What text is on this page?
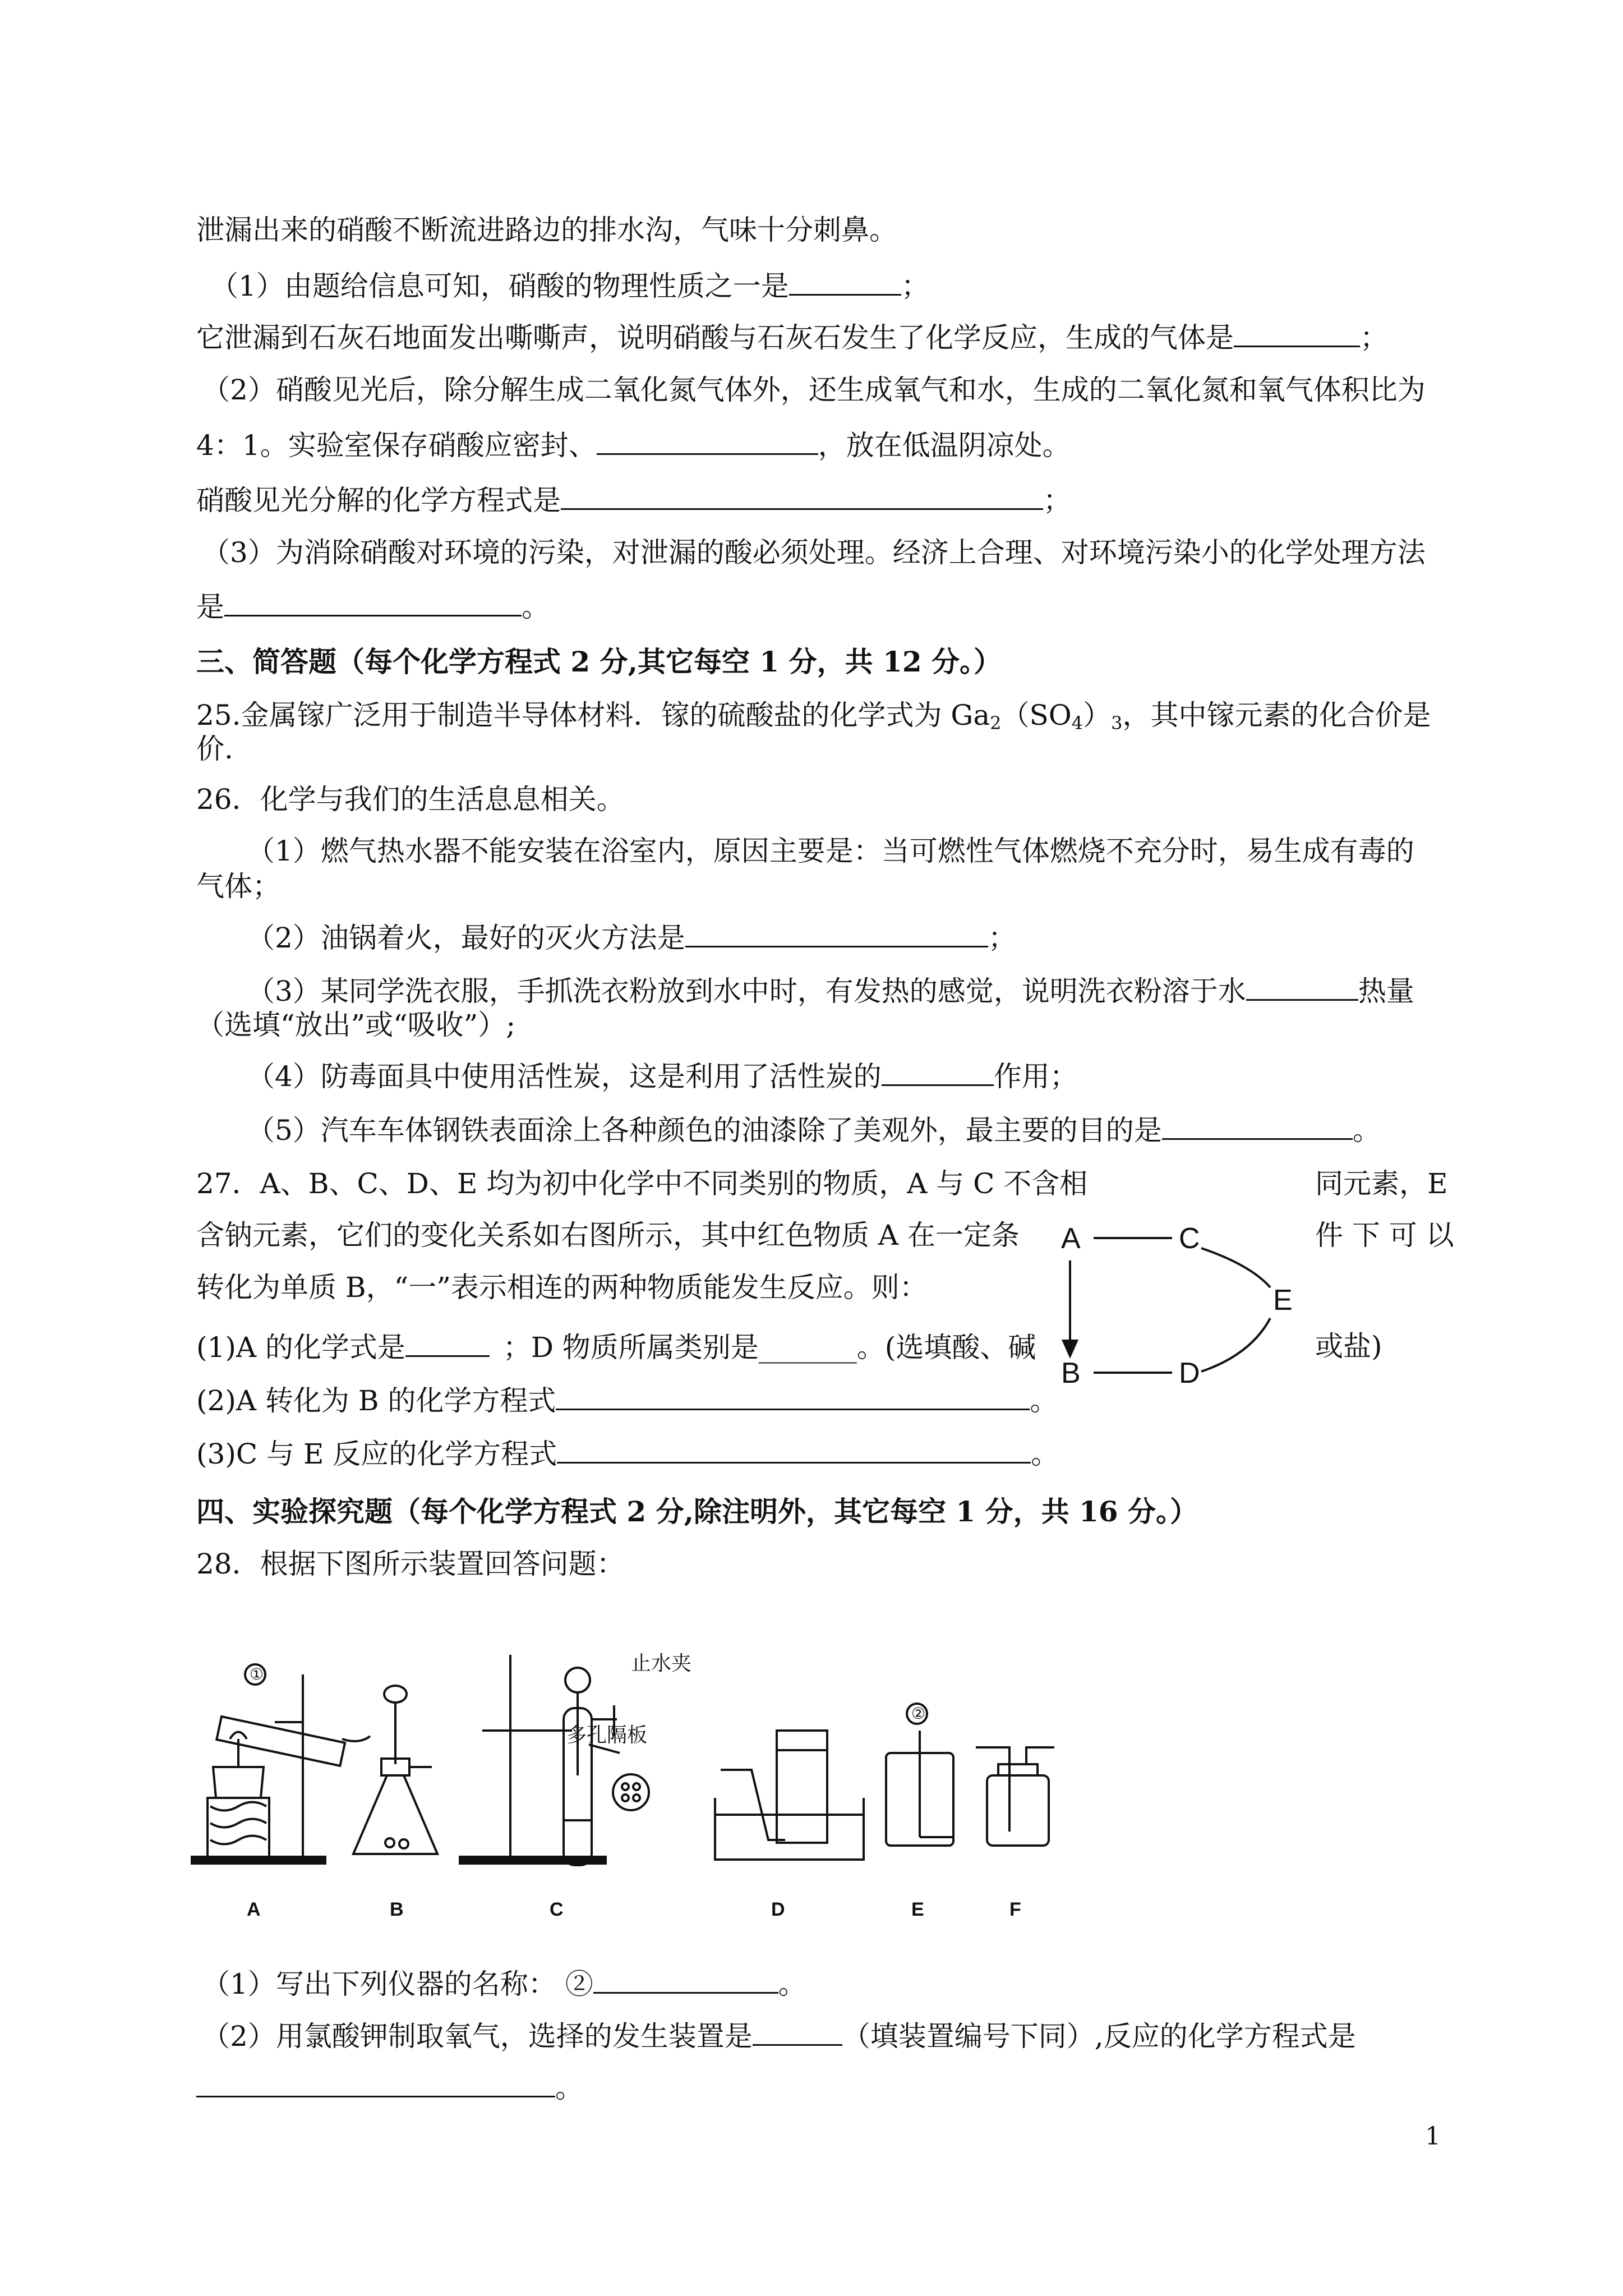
泄漏出来的硝酸不断流进路边的排水沟，气味十分刺鼻。
（1）由题给信息可知，硝酸的物理性质之一是	；
它泄漏到石灰石地面发出嘶嘶声，说明硝酸与石灰石发生了化学反应，生成的气体是	；
（2）硝酸见光后，除分解生成二氧化氮气体外，还生成氧气和水，生成的二氧化氮和氧气体积比为
4：1。实验室保存硝酸应密封、	，放在低温阴凉处。
硝酸见光分解的化学方程式是	；
（3）为消除硝酸对环境的污染，对泄漏的酸必须处理。经济上合理、对环境污染小的化学处理方法
是	。
三、简答题（每个化学方程式 2 分,其它每空 1 分，共 12 分。）
25.金属镓广泛用于制造半导体材料．镓的硫酸盐的化学式为 $Ga_2(SO_4)_3$，其中镓元素的化合价是
价.
26．化学与我们的生活息息相关。
（1）燃气热水器不能安装在浴室内，原因主要是：当可燃性气体燃烧不充分时，易生成有毒的
气体；
（2）油锅着火，最好的灭火方法是	；
（3）某同学洗衣服，手抓洗衣粉放到水中时，有发热的感觉，说明洗衣粉溶于水	热量
（选填“放出”或“吸收”）;
（4）防毒面具中使用活性炭，这是利用了活性炭的	作用；
（5）汽车车体钢铁表面涂上各种颜色的油漆除了美观外，最主要的目的是	。
27．A、B、C、D、E 均为初中化学中不同类别的物质，A 与 C 不含相	同元素，E
含钠元素，它们的变化关系如右图所示，其中红色物质 A 在一定条	件 下 可 以
转化为单质 B，“一”表示相连的两种物质能发生反应。则：
(1)A 的化学式是	；D 物质所属类别是_______。(选填酸、碱	或盐)
(2)A 转化为 B 的化学方程式	。
(3)C 与 E 反应的化学方程式	。
A	C
E
B	D
四、实验探究题（每个化学方程式 2 分,除注明外，其它每空 1 分，共 16 分。）
28．根据下图所示装置回答问题：
①	止水夹
多孔隔板
②
A	B	C	D	E	F
（1）写出下列仪器的名称： ②	。
（2）用氯酸钾制取氧气，选择的发生装置是	（填装置编号下同）,反应的化学方程式是
。
1
